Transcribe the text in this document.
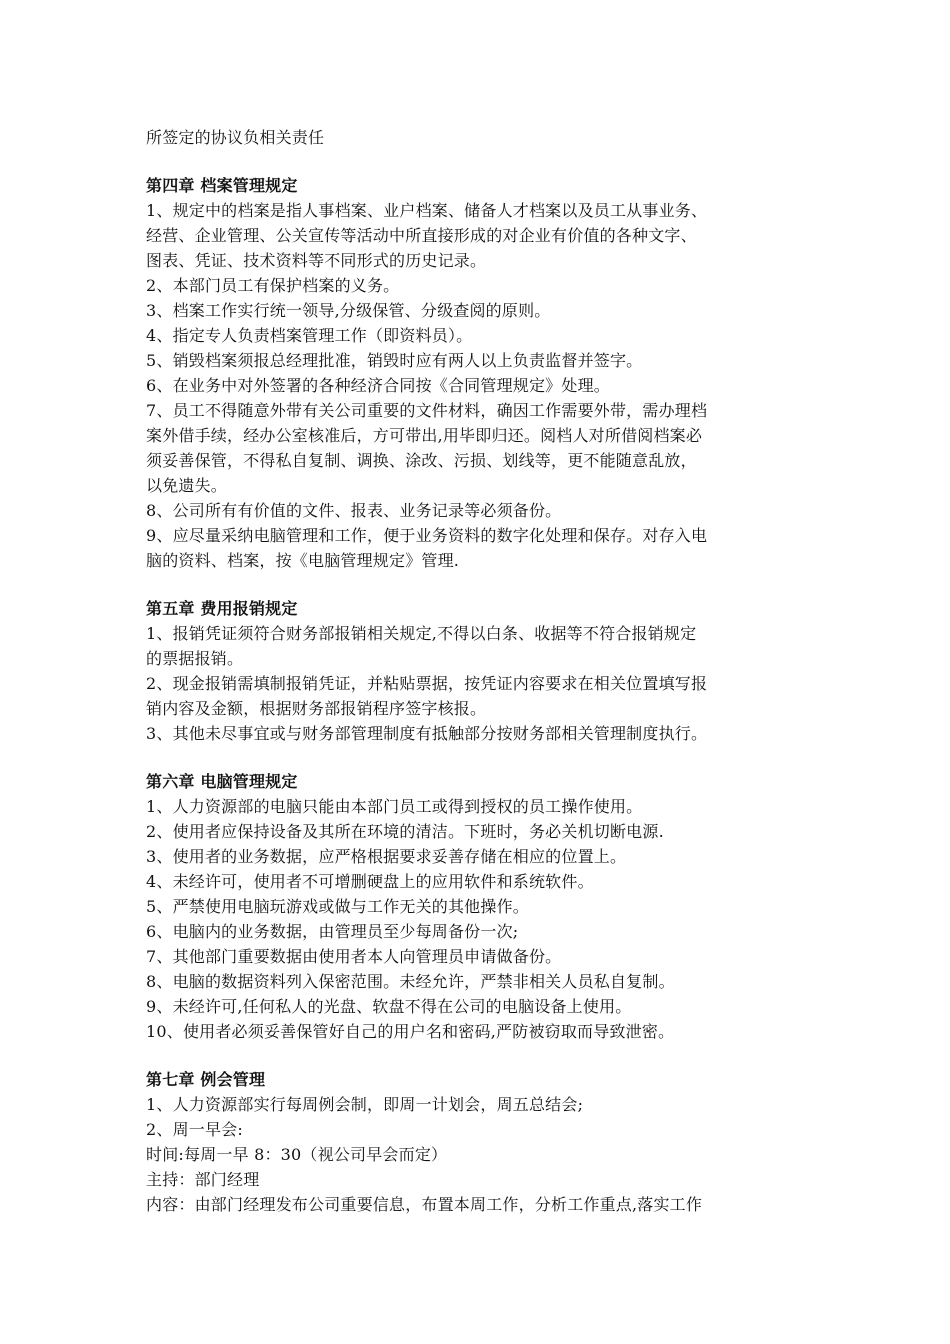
所签定的协议负相关责任
第四章 档案管理规定
1、规定中的档案是指人事档案、业户档案、储备人才档案以及员工从事业务、
经营、企业管理、公关宣传等活动中所直接形成的对企业有价值的各种文字、
图表、凭证、技术资料等不同形式的历史记录。
2、本部门员工有保护档案的义务。
3、档案工作实行统一领导,分级保管、分级查阅的原则。
4、指定专人负责档案管理工作（即资料员）。
5、销毁档案须报总经理批准，销毁时应有两人以上负责监督并签字。
6、在业务中对外签署的各种经济合同按《合同管理规定》处理。
7、员工不得随意外带有关公司重要的文件材料，确因工作需要外带，需办理档
案外借手续，经办公室核准后，方可带出,用毕即归还。阅档人对所借阅档案必
须妥善保管，不得私自复制、调换、涂改、污损、划线等，更不能随意乱放，
以免遗失。
8、公司所有有价值的文件、报表、业务记录等必须备份。
9、应尽量采纳电脑管理和工作，便于业务资料的数字化处理和保存。对存入电
脑的资料、档案，按《电脑管理规定》管理.
第五章 费用报销规定
1、报销凭证须符合财务部报销相关规定,不得以白条、收据等不符合报销规定
的票据报销。
2、现金报销需填制报销凭证，并粘贴票据，按凭证内容要求在相关位置填写报
销内容及金额，根据财务部报销程序签字核报。
3、其他未尽事宜或与财务部管理制度有抵触部分按财务部相关管理制度执行。
第六章 电脑管理规定
1、人力资源部的电脑只能由本部门员工或得到授权的员工操作使用。
2、使用者应保持设备及其所在环境的清洁。下班时，务必关机切断电源.
3、使用者的业务数据，应严格根据要求妥善存储在相应的位置上。
4、未经许可，使用者不可增删硬盘上的应用软件和系统软件。
5、严禁使用电脑玩游戏或做与工作无关的其他操作。
6、电脑内的业务数据，由管理员至少每周备份一次;
7、其他部门重要数据由使用者本人向管理员申请做备份。
8、电脑的数据资料列入保密范围。未经允许，严禁非相关人员私自复制。
9、未经许可,任何私人的光盘、软盘不得在公司的电脑设备上使用。
10、使用者必须妥善保管好自己的用户名和密码,严防被窃取而导致泄密。
第七章 例会管理
1、人力资源部实行每周例会制，即周一计划会，周五总结会;
2、周一早会:
时间:每周一早 8：30（视公司早会而定）
主持：部门经理
内容：由部门经理发布公司重要信息，布置本周工作，分析工作重点,落实工作
